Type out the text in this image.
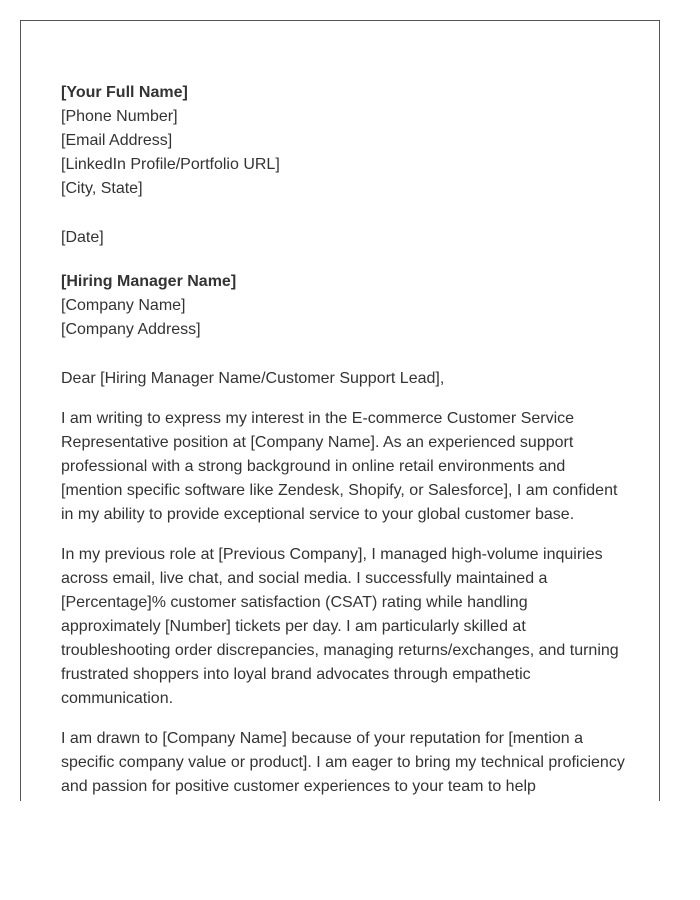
[Your Full Name]
[Phone Number]
[Email Address]
[LinkedIn Profile/Portfolio URL]
[City, State]
[Date]
[Hiring Manager Name]
[Company Name]
[Company Address]
Dear [Hiring Manager Name/Customer Support Lead],

I am writing to express my interest in the E-commerce Customer Service Representative position at [Company Name]. As an experienced support professional with a strong background in online retail environments and [mention specific software like Zendesk, Shopify, or Salesforce], I am confident in my ability to provide exceptional service to your global customer base.

In my previous role at [Previous Company], I managed high-volume inquiries across email, live chat, and social media. I successfully maintained a [Percentage]% customer satisfaction (CSAT) rating while handling approximately [Number] tickets per day. I am particularly skilled at troubleshooting order discrepancies, managing returns/exchanges, and turning frustrated shoppers into loyal brand advocates through empathetic communication.

I am drawn to [Company Name] because of your reputation for [mention a specific company value or product]. I am eager to bring my technical proficiency and passion for positive customer experiences to your team to help
